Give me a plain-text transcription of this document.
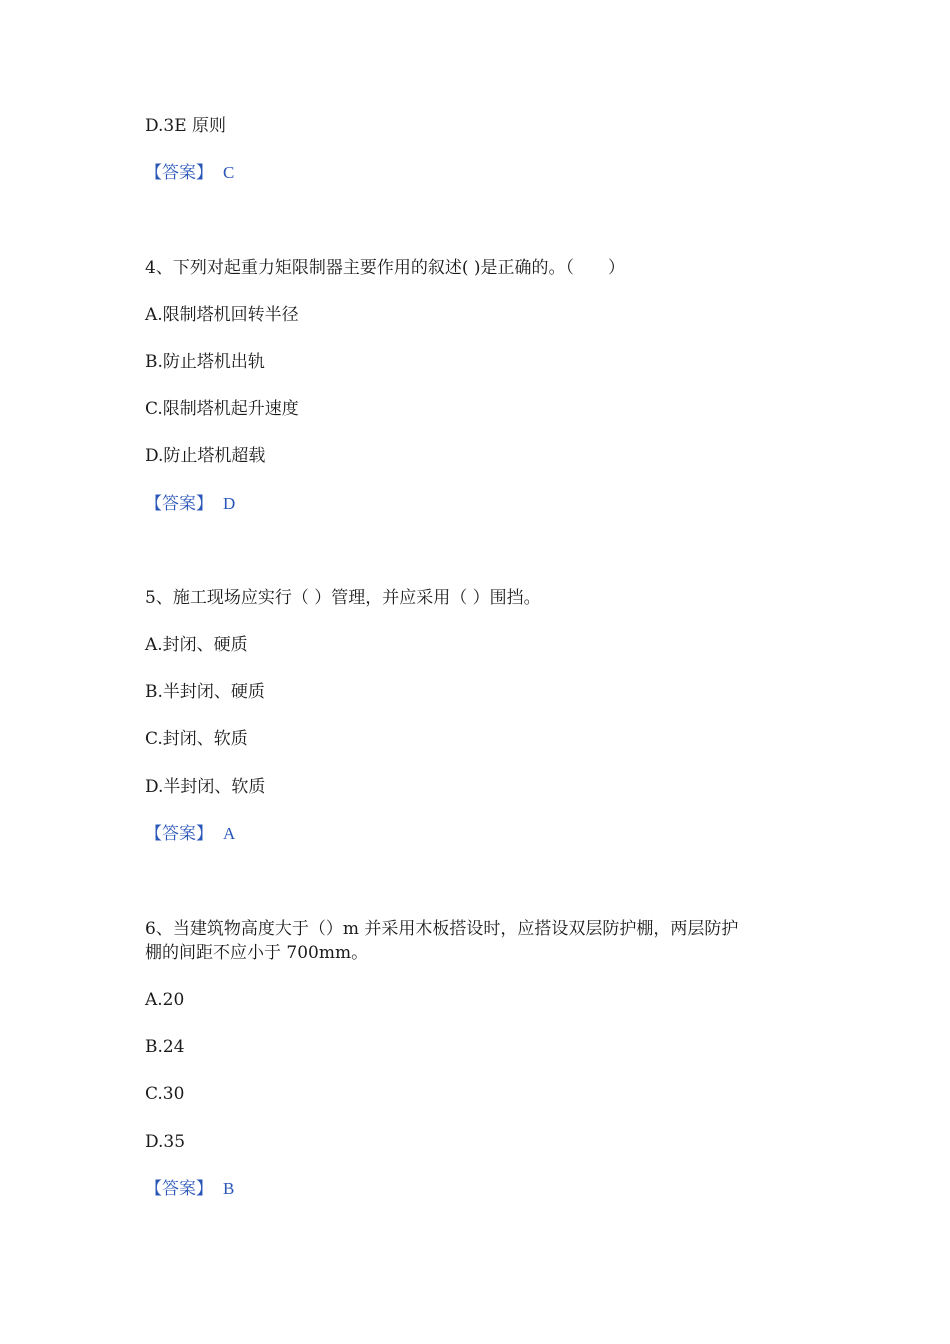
D.3E 原则
【答案】 C
4、下列对起重力矩限制器主要作用的叙述( )是正确的。（　　）
A.限制塔机回转半径
B.防止塔机出轨
C.限制塔机起升速度
D.防止塔机超载
【答案】 D
5、施工现场应实行（ ）管理，并应采用（ ）围挡。
A.封闭、硬质
B.半封闭、硬质
C.封闭、软质
D.半封闭、软质
【答案】 A
6、当建筑物高度大于（）m 并采用木板搭设时，应搭设双层防护棚，两层防护
棚的间距不应小于 700mm。
A.20
B.24
C.30
D.35
【答案】 B
